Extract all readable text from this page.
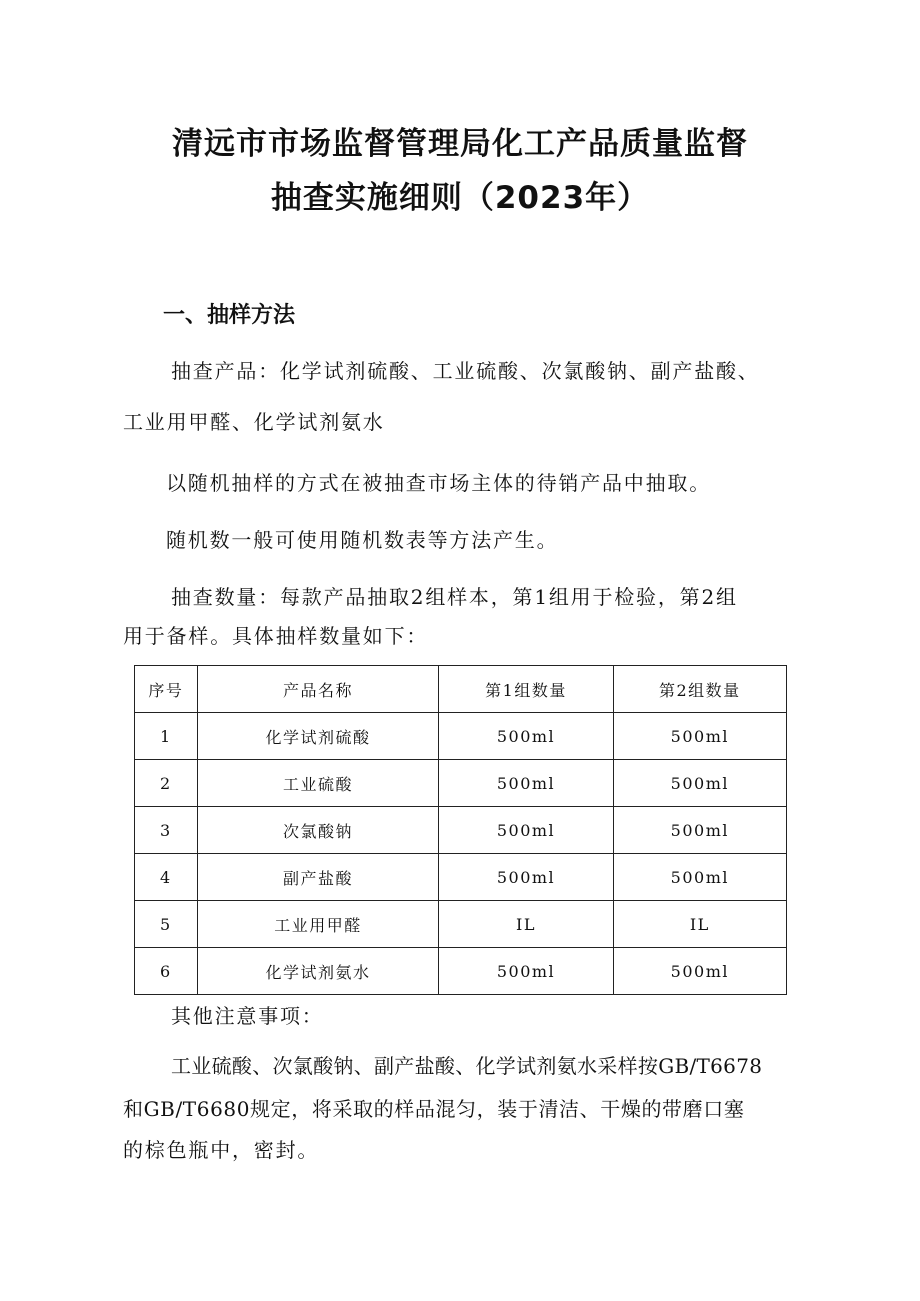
清远市市场监督管理局化工产品质量监督
抽查实施细则（2023年）
一、抽样方法

抽查产品：化学试剂硫酸、工业硫酸、次氯酸钠、副产盐酸、

工业用甲醛、化学试剂氨水

以随机抽样的方式在被抽查市场主体的待销产品中抽取。

随机数一般可使用随机数表等方法产生。

抽查数量：每款产品抽取2组样本，第1组用于检验，第2组

用于备样。具体抽样数量如下：

序号	产品名称	第1组数量	第2组数量
1	化学试剂硫酸	500ml	500ml
2	工业硫酸	500ml	500ml
3	次氯酸钠	500ml	500ml
4	副产盐酸	500ml	500ml
5	工业用甲醛	IL	IL
6	化学试剂氨水	500ml	500ml

其他注意事项：

工业硫酸、次氯酸钠、副产盐酸、化学试剂氨水采样按GB/T6678

和GB/T6680规定，将采取的样品混匀，装于清洁、干燥的带磨口塞

的棕色瓶中，密封。
